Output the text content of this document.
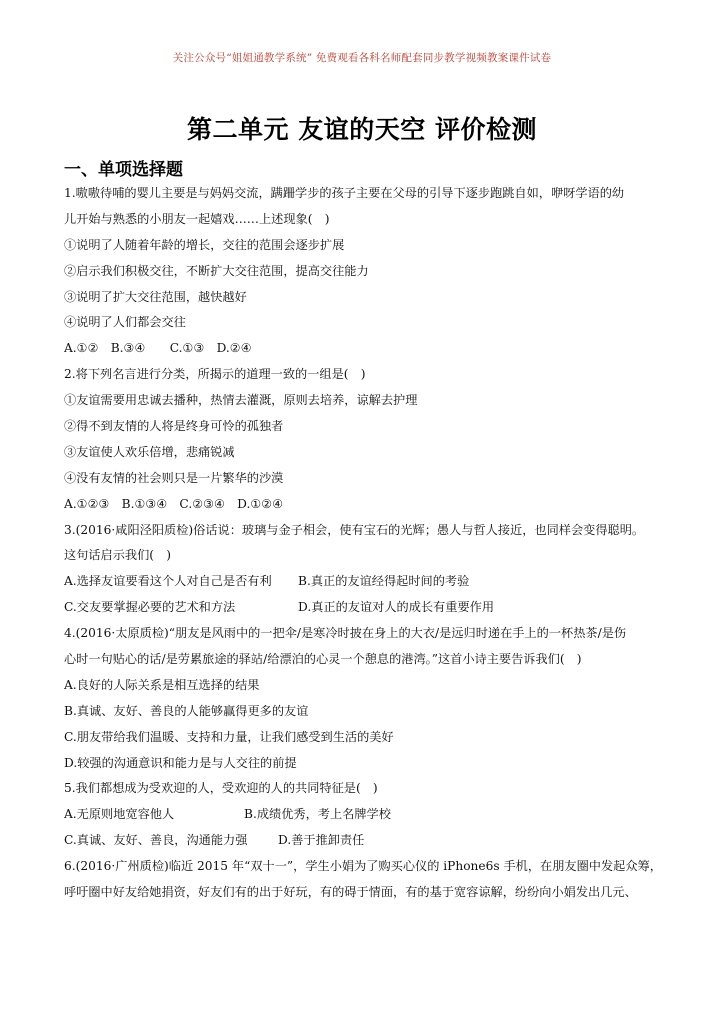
关注公众号“姐姐通教学系统” 免费观看各科名师配套同步教学视频教案课件试卷
第二单元 友谊的天空 评价检测
一、单项选择题
1.嗷嗷待哺的婴儿主要是与妈妈交流，蹒跚学步的孩子主要在父母的引导下逐步跑跳自如，咿呀学语的幼
儿开始与熟悉的小朋友一起嬉戏……上述现象(　)
①说明了人随着年龄的增长，交往的范围会逐步扩展
②启示我们积极交往，不断扩大交往范围，提高交往能力
③说明了扩大交往范围，越快越好
④说明了人们都会交往
A.①②　B.③④　　C.①③　D.②④
2.将下列名言进行分类，所揭示的道理一致的一组是(　)
①友谊需要用忠诚去播种，热情去灌溉，原则去培养，谅解去护理
②得不到友情的人将是终身可怜的孤独者
③友谊使人欢乐倍增，悲痛锐减
④没有友情的社会则只是一片繁华的沙漠
A.①②③　B.①③④　C.②③④　D.①②④
3.(2016·咸阳泾阳质检)俗话说：玻璃与金子相会，使有宝石的光辉；愚人与哲人接近，也同样会变得聪明。
这句话启示我们(　)
A.选择友谊要看这个人对自己是否有利 B.真正的友谊经得起时间的考验
C.交友要掌握必要的艺术和方法	D.真正的友谊对人的成长有重要作用
4.(2016·太原质检)“朋友是风雨中的一把伞/是寒冷时披在身上的大衣/是远归时递在手上的一杯热茶/是伤
心时一句贴心的话/是劳累旅途的驿站/给漂泊的心灵一个憩息的港湾。”这首小诗主要告诉我们(　)
A.良好的人际关系是相互选择的结果
B.真诚、友好、善良的人能够赢得更多的友谊
C.朋友带给我们温暖、支持和力量，让我们感受到生活的美好
D.较强的沟通意识和能力是与人交往的前提
5.我们都想成为受欢迎的人，受欢迎的人的共同特征是(　)
A.无原则地宽容他人	B.成绩优秀，考上名牌学校
C.真诚、友好、善良，沟通能力强	D.善于推卸责任
6.(2016·广州质检)临近 2015 年“双十一”，学生小娟为了购买心仪的 iPhone6s 手机，在朋友圈中发起众筹，
呼吁圈中好友给她捐资，好友们有的出于好玩，有的碍于情面，有的基于宽容谅解，纷纷向小娟发出几元、
